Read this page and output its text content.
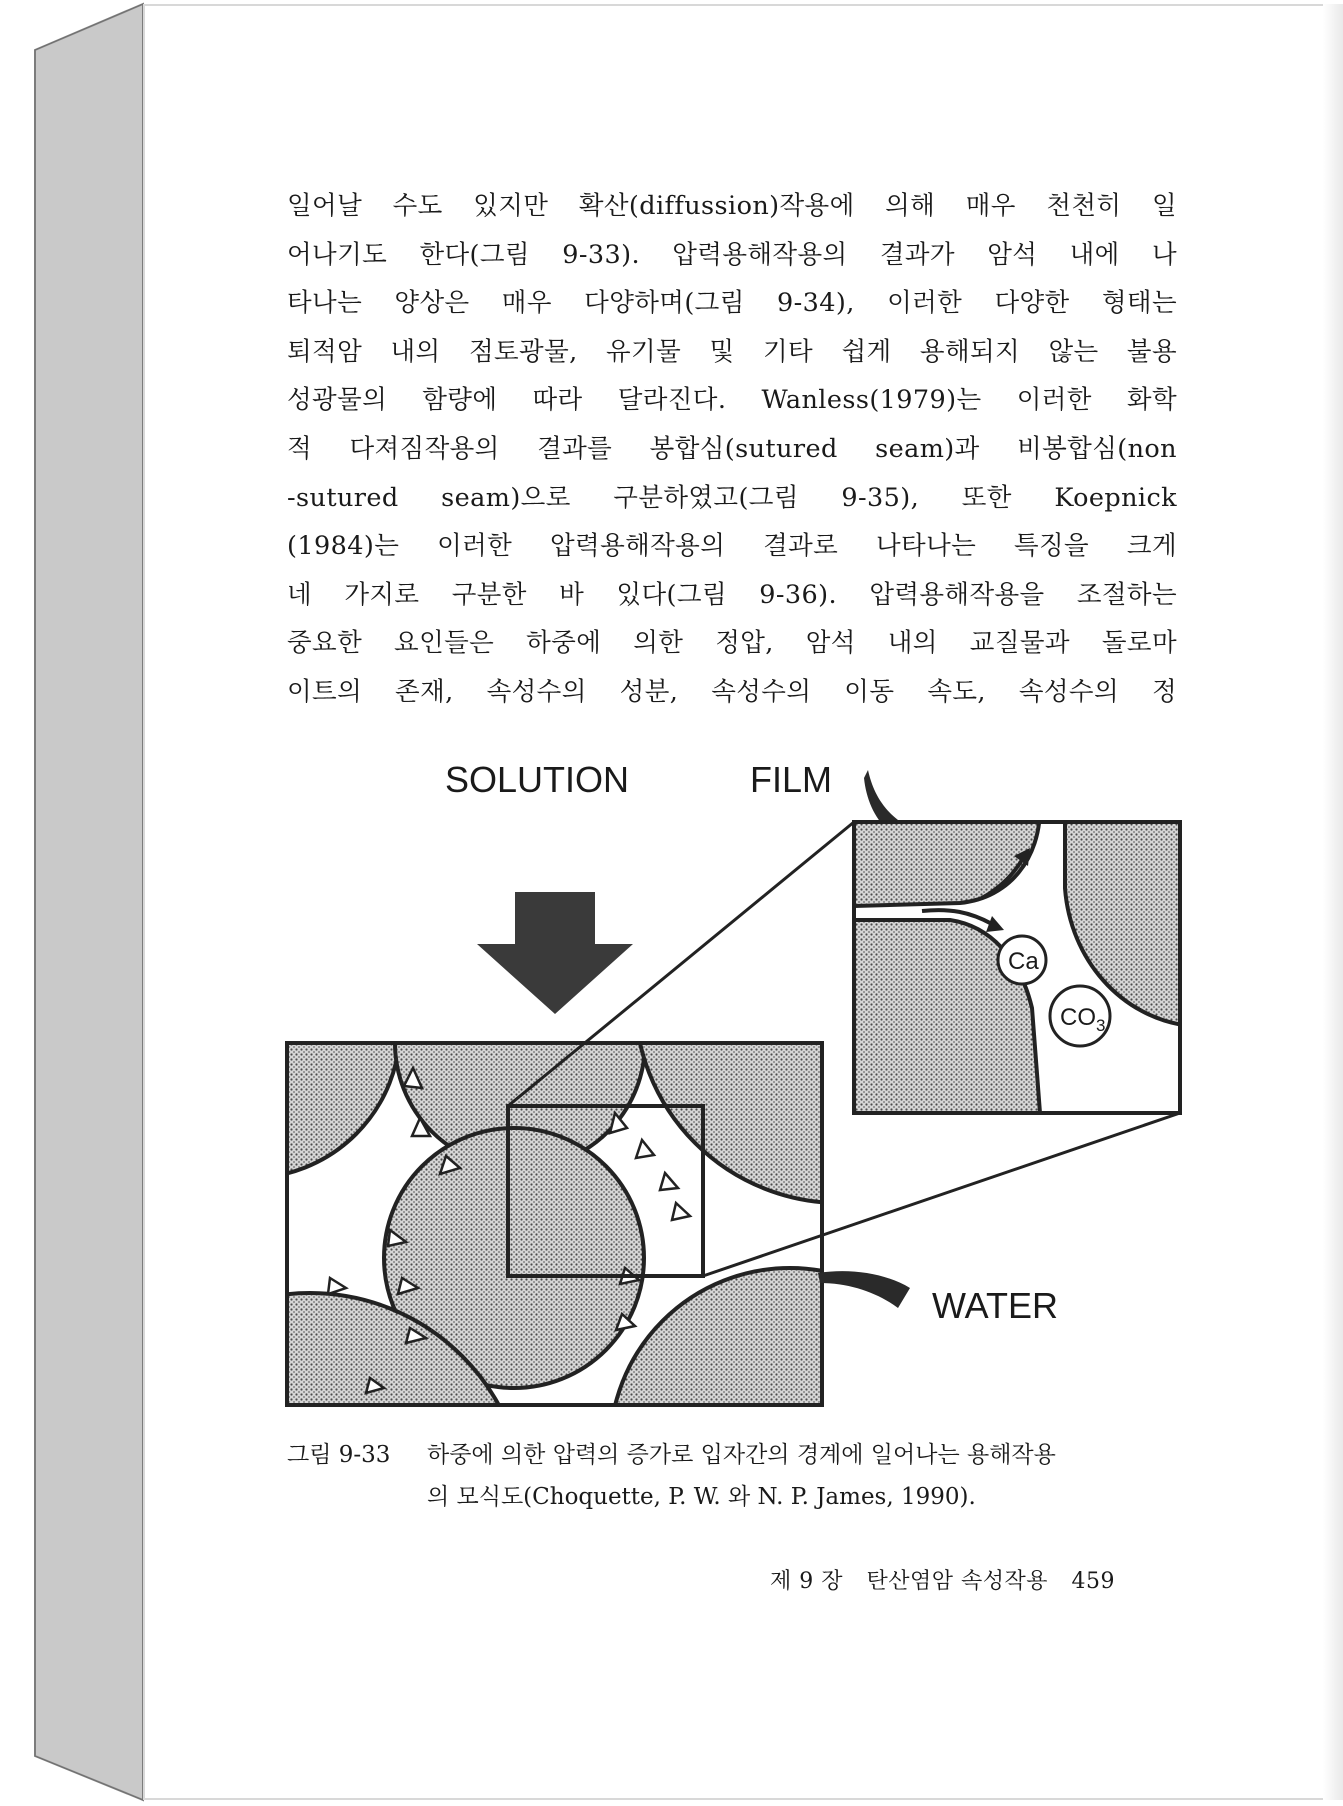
일어날 수도 있지만 확산(diffussion)작용에 의해 매우 천천히 일
어나기도 한다(그림 9-33). 압력용해작용의 결과가 암석 내에 나
타나는 양상은 매우 다양하며(그림 9-34), 이러한 다양한 형태는
퇴적암 내의 점토광물, 유기물 및 기타 쉽게 용해되지 않는 불용
성광물의 함량에 따라 달라진다. Wanless(1979)는 이러한 화학
적 다져짐작용의 결과를 봉합심(sutured seam)과 비봉합심(non
-sutured seam)으로 구분하였고(그림 9-35), 또한 Koepnick
(1984)는 이러한 압력용해작용의 결과로 나타나는 특징을 크게
네 가지로 구분한 바 있다(그림 9-36). 압력용해작용을 조절하는
중요한 요인들은 하중에 의한 정압, 암석 내의 교질물과 돌로마
이트의 존재, 속성수의 성분, 속성수의 이동 속도, 속성수의 정
SOLUTION	FILM
WATER
Ca
$CO_3$
그림 9-33 하중에 의한 압력의 증가로 입자간의 경계에 일어나는 용해작용
의 모식도(Choquette, P. W. 와 N. P. James, 1990).
제 9 장 탄산염암 속성작용 459
